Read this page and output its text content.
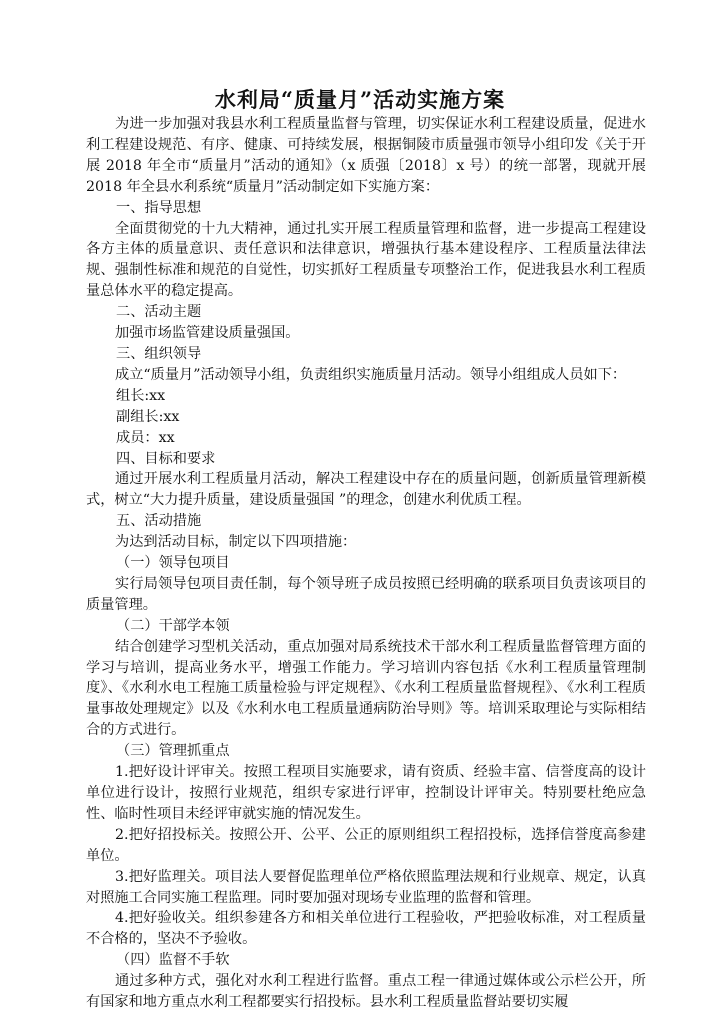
水利局“质量月”活动实施方案

为进一步加强对我县水利工程质量监督与管理，切实保证水利工程建设质量，促进水利工程建设规范、有序、健康、可持续发展，根据铜陵市质量强市领导小组印发《关于开展 2018 年全市“质量月”活动的通知》（x 质强〔2018〕x 号）的统一部署，现就开展 2018 年全县水利系统“质量月”活动制定如下实施方案：

一、指导思想

全面贯彻党的十九大精神，通过扎实开展工程质量管理和监督，进一步提高工程建设各方主体的质量意识、责任意识和法律意识，增强执行基本建设程序、工程质量法律法规、强制性标准和规范的自觉性，切实抓好工程质量专项整治工作，促进我县水利工程质量总体水平的稳定提高。

二、活动主题

加强市场监管建设质量强国。

三、组织领导

成立“质量月”活动领导小组，负责组织实施质量月活动。领导小组组成人员如下：

组长:xx

副组长:xx

成员：xx

四、目标和要求

通过开展水利工程质量月活动，解决工程建设中存在的质量问题，创新质量管理新模式，树立“大力提升质量，建设质量强国 ”的理念，创建水利优质工程。

五、活动措施

为达到活动目标，制定以下四项措施：

（一）领导包项目

实行局领导包项目责任制，每个领导班子成员按照已经明确的联系项目负责该项目的质量管理。

（二）干部学本领

结合创建学习型机关活动，重点加强对局系统技术干部水利工程质量监督管理方面的学习与培训，提高业务水平，增强工作能力。学习培训内容包括《水利工程质量管理制度》、《水利水电工程施工质量检验与评定规程》、《水利工程质量监督规程》、《水利工程质量事故处理规定》以及《水利水电工程质量通病防治导则》等。培训采取理论与实际相结合的方式进行。

（三）管理抓重点

1.把好设计评审关。按照工程项目实施要求，请有资质、经验丰富、信誉度高的设计单位进行设计，按照行业规范，组织专家进行评审，控制设计评审关。特别要杜绝应急性、临时性项目未经评审就实施的情况发生。

2.把好招投标关。按照公开、公平、公正的原则组织工程招投标，选择信誉度高参建单位。

3.把好监理关。项目法人要督促监理单位严格依照监理法规和行业规章、规定，认真对照施工合同实施工程监理。同时要加强对现场专业监理的监督和管理。

4.把好验收关。组织参建各方和相关单位进行工程验收，严把验收标准，对工程质量不合格的，坚决不予验收。

（四）监督不手软

通过多种方式，强化对水利工程进行监督。重点工程一律通过媒体或公示栏公开，所有国家和地方重点水利工程都要实行招投标。县水利工程质量监督站要切实履
